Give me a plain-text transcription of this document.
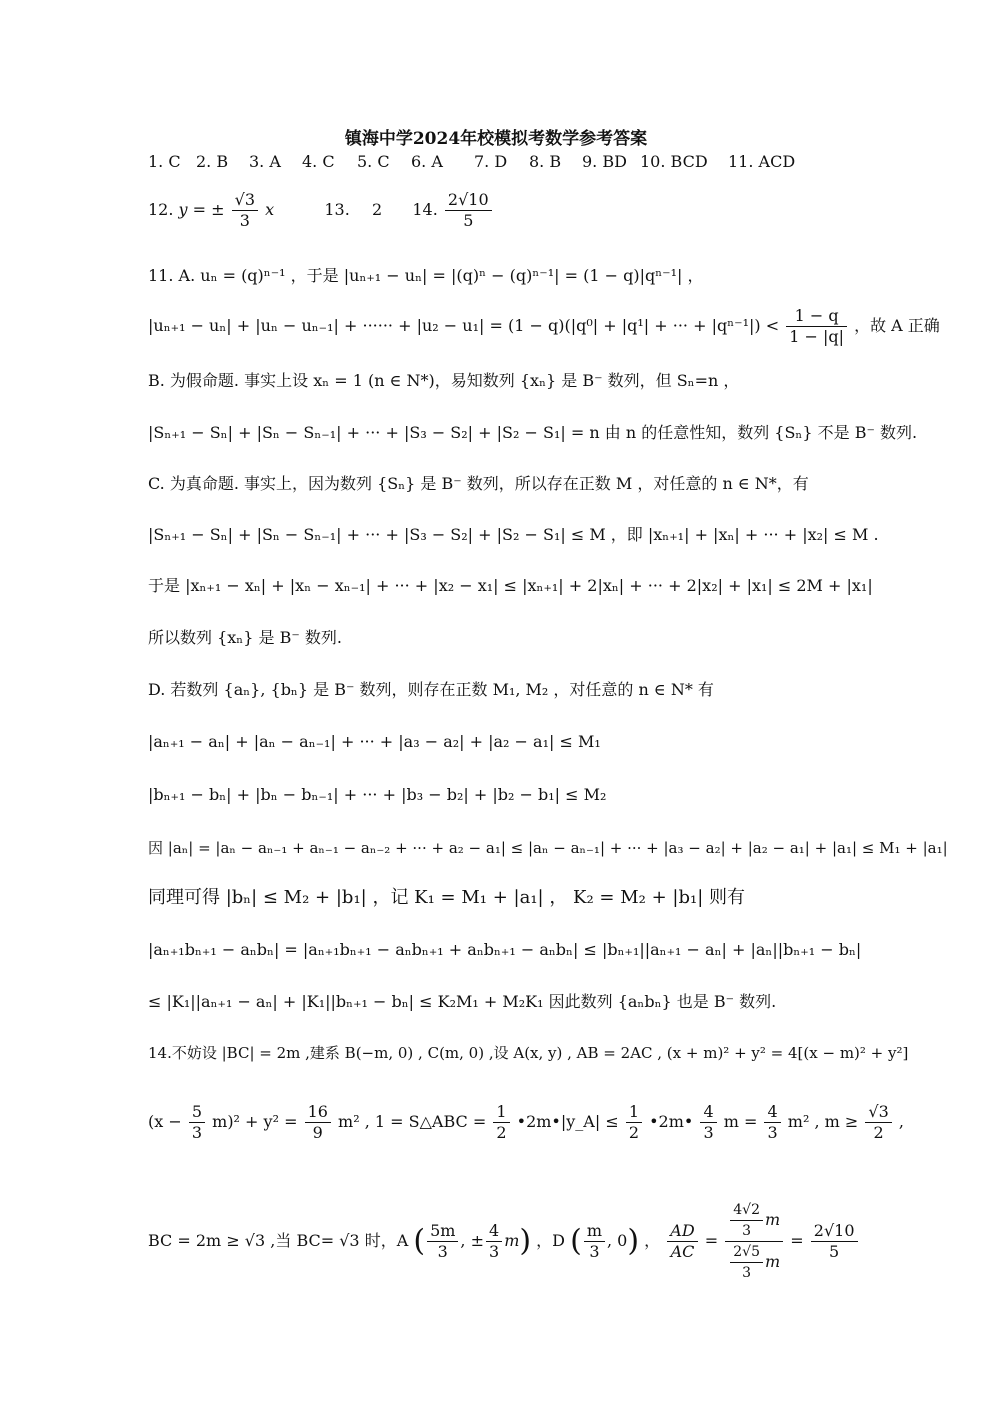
镇海中学2024年校模拟考数学参考答案
1. C 2. B 3. A 4. C 5. C 6. A 7. D 8. B 9. BD 10. BCD 11. ACD
12. y = ± $\frac{√3}{3}$ x	13. 2 14. $\frac{2√10}{5}$
11. A. uₙ = (q)ⁿ⁻¹ ，于是 |uₙ₊₁ − uₙ| = |(q)ⁿ − (q)ⁿ⁻¹| = (1 − q)|qⁿ⁻¹| ，
|uₙ₊₁ − uₙ| + |uₙ − uₙ₋₁| + ······ + |u₂ − u₁| = (1 − q)(|q⁰| + |q¹| + ··· + $|q^{n-1}|) < \frac{1 - q}{1 - |q|}$ ，故 A 正确
B. 为假命题. 事实上设 xₙ = 1 (n ∈ N*)，易知数列 {xₙ} 是 B⁻ 数列，但 Sₙ=n ，
|Sₙ₊₁ − Sₙ| + |Sₙ − Sₙ₋₁| + ··· + |S₃ − S₂| + |S₂ − S₁| = n 由 n 的任意性知，数列 {Sₙ} 不是 B⁻ 数列.
C. 为真命题. 事实上，因为数列 {Sₙ} 是 B⁻ 数列，所以存在正数 M ，对任意的 n ∈ N*，有
|Sₙ₊₁ − Sₙ| + |Sₙ − Sₙ₋₁| + ··· + |S₃ − S₂| + |S₂ − S₁| ≤ M ，即 |xₙ₊₁| + |xₙ| + ··· + |x₂| ≤ M .
于是 |xₙ₊₁ − xₙ| + |xₙ − xₙ₋₁| + ··· + |x₂ − x₁| ≤ |xₙ₊₁| + 2|xₙ| + ··· + 2|x₂| + |x₁| ≤ 2M + |x₁|
所以数列 {xₙ} 是 B⁻ 数列.
D. 若数列 {aₙ}, {bₙ} 是 B⁻ 数列，则存在正数 M₁, M₂ ，对任意的 n ∈ N* 有
|aₙ₊₁ − aₙ| + |aₙ − aₙ₋₁| + ··· + |a₃ − a₂| + |a₂ − a₁| ≤ M₁
|bₙ₊₁ − bₙ| + |bₙ − bₙ₋₁| + ··· + |b₃ − b₂| + |b₂ − b₁| ≤ M₂
因 |aₙ| = |aₙ − aₙ₋₁ + aₙ₋₁ − aₙ₋₂ + ··· + a₂ − a₁| ≤ |aₙ − aₙ₋₁| + ··· + |a₃ − a₂| + |a₂ − a₁| + |a₁| ≤ M₁ + |a₁|
同理可得 |bₙ| ≤ M₂ + |b₁| ，记 K₁ = M₁ + |a₁| ， K₂ = M₂ + |b₁| 则有
|aₙ₊₁bₙ₊₁ − aₙbₙ| = |aₙ₊₁bₙ₊₁ − aₙbₙ₊₁ + aₙbₙ₊₁ − aₙbₙ| ≤ |bₙ₊₁||aₙ₊₁ − aₙ| + |aₙ||bₙ₊₁ − bₙ|
≤ |K₁||aₙ₊₁ − aₙ| + |K₁||bₙ₊₁ − bₙ| ≤ K₂M₁ + M₂K₁ 因此数列 {aₙbₙ} 也是 B⁻ 数列.
14.不妨设 |BC| = 2m ,建系 B(−m, 0) , C(m, 0) ,设 A(x, y) , AB = 2AC , (x + m)² + y² = 4[(x − m)² + y²]
$(x - \frac{5}{3} m)^2 + y^2 = \frac{16}{9} m^2$ , 1 = S△ABC = $\frac{1}{2}$ •2m•|y_A| ≤ $\frac{1}{2}$ •2m• $\frac{4}{3}$ $m = \frac{4}{3} m^2$ , $m \ge \frac{√3}{2}$ ,
BC = 2m ≥ √3 ,当 BC= √3 时，A ( $\frac{5m}{3}$ , ± $\frac{4}{3} m$) ，D ( $\frac{m}{3}$ , 0) ， $\frac{AD}{AC} = \frac{\frac{4√2}{3} m}{\frac{2√5}{3} m} = \frac{2√10}{5}$
